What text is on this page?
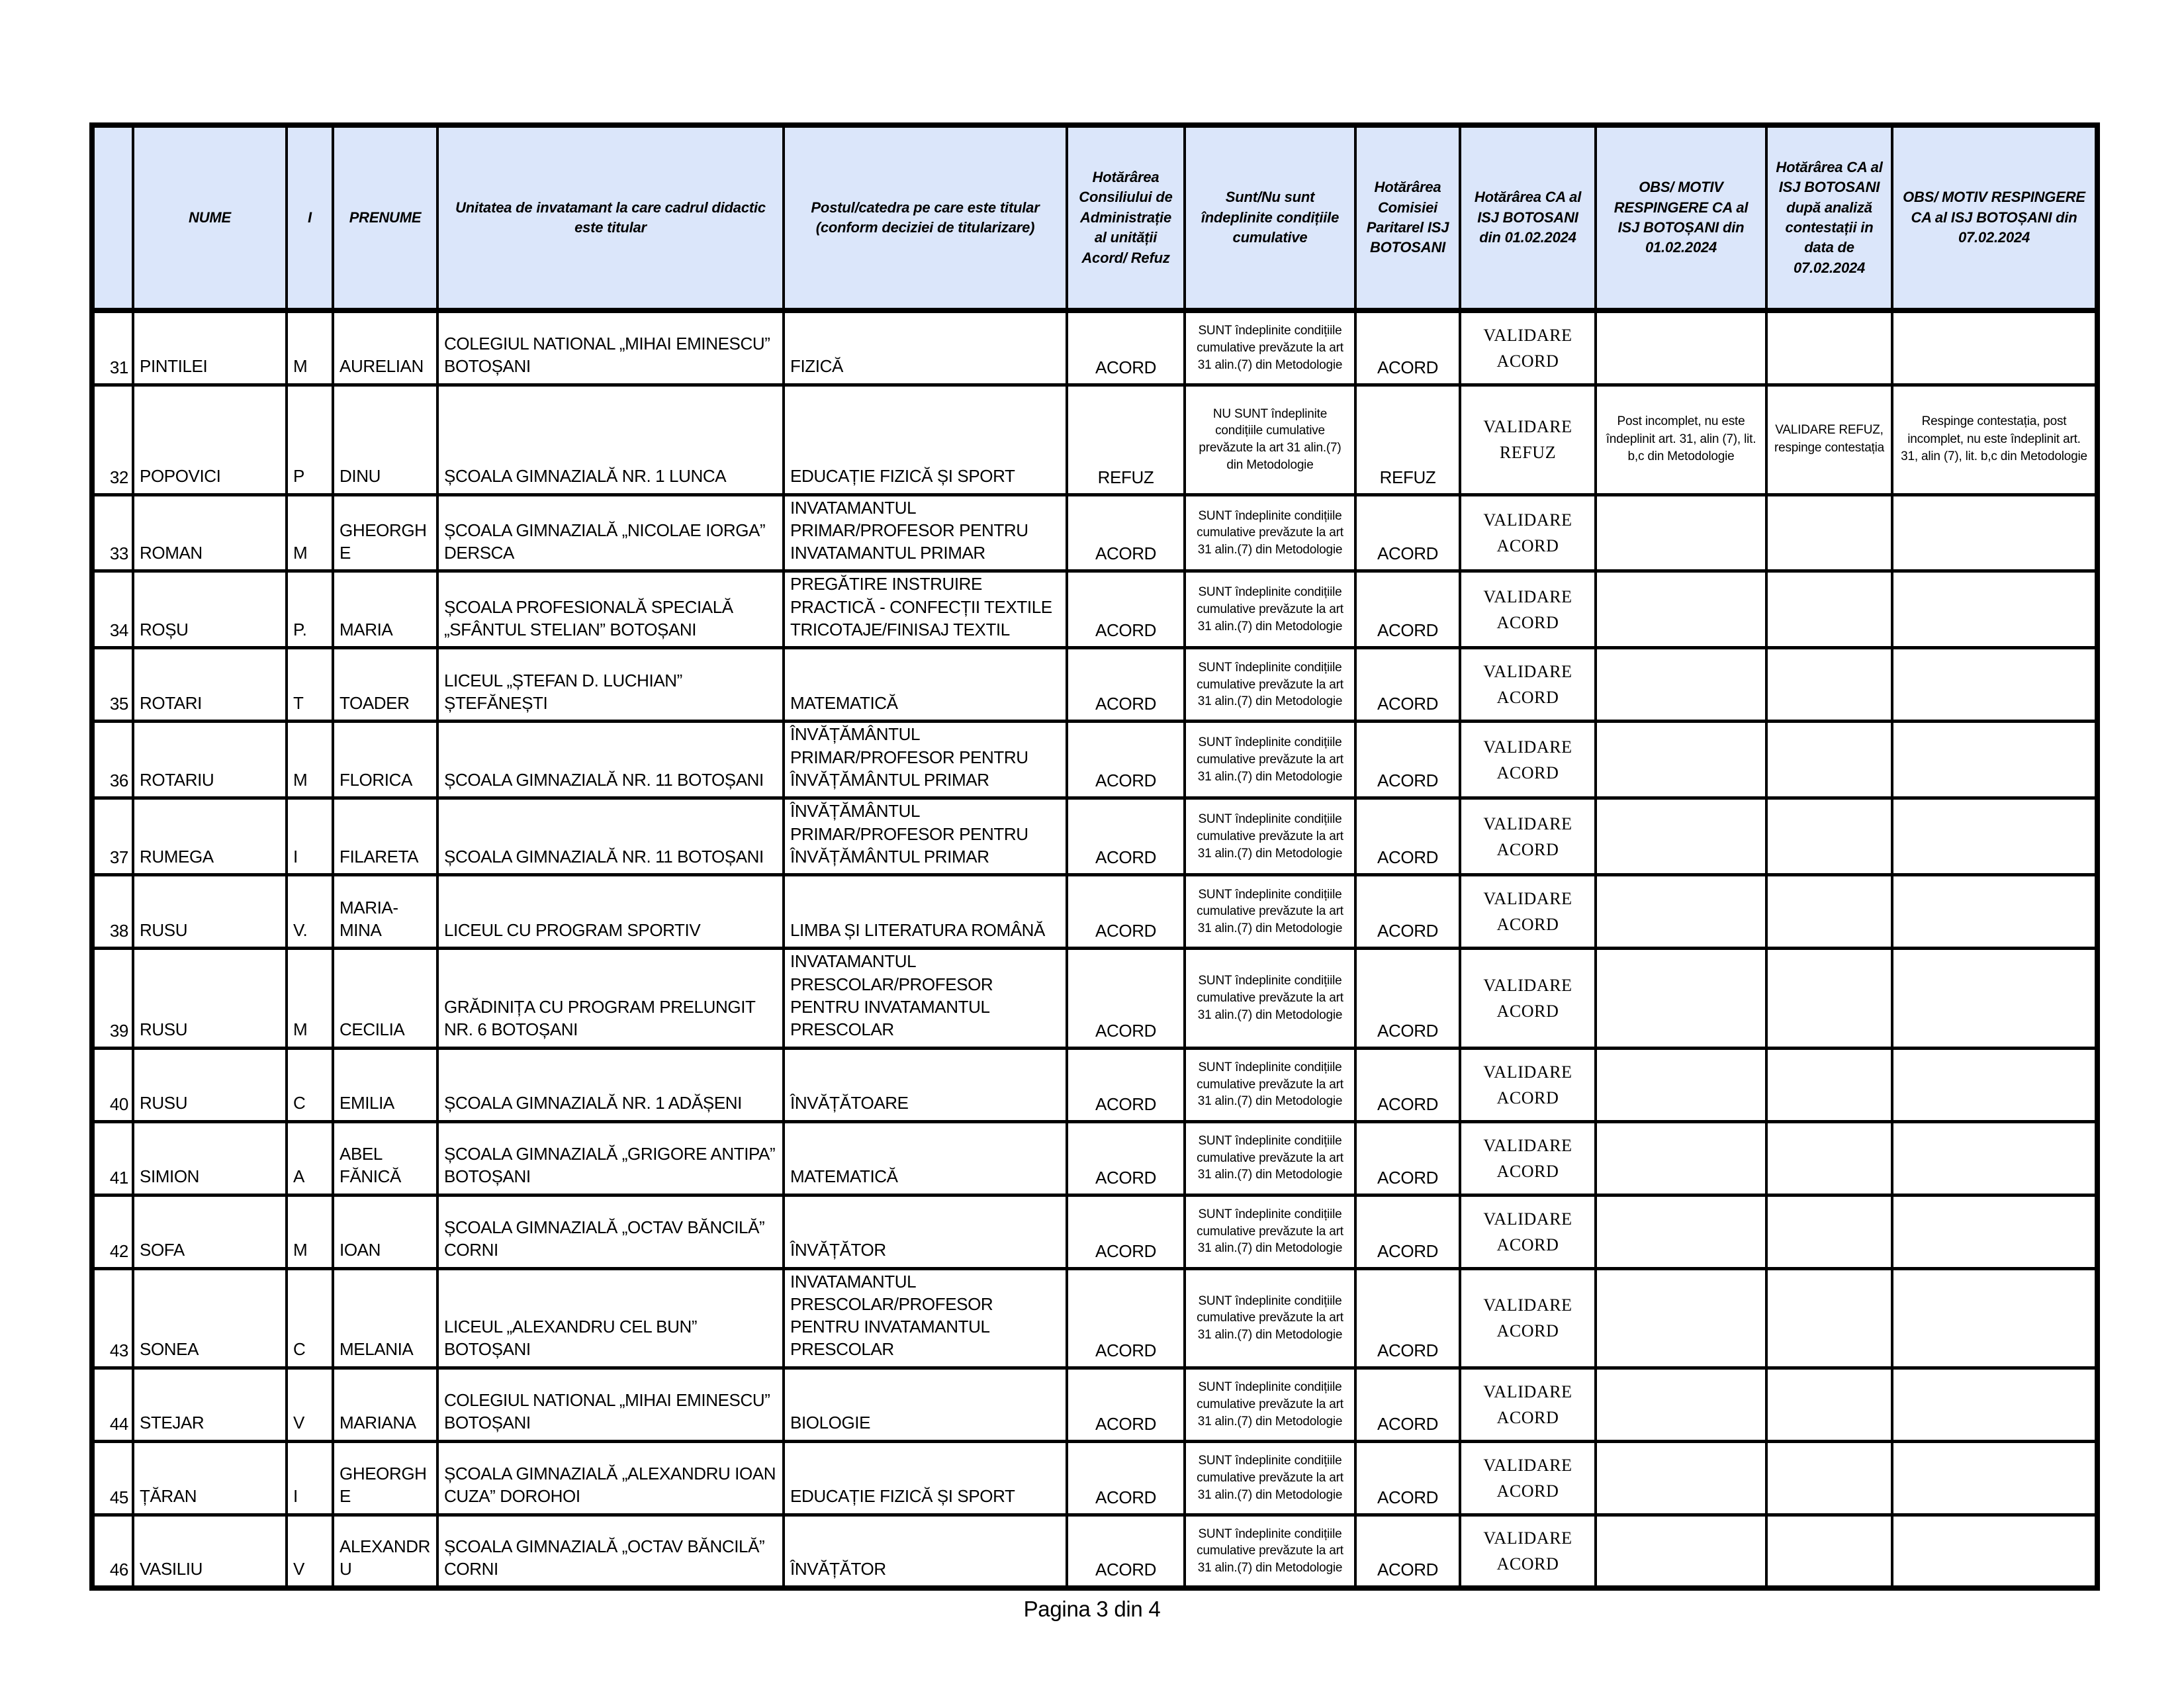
	NUME	I	PRENUME	Unitatea de invatamant la care cadrul didactic este titular	Postul/catedra pe care este titular (conform deciziei de titularizare)	Hotărârea Consiliului de Administrație al unității Acord/ Refuz	Sunt/Nu sunt îndeplinite condițiile cumulative	Hotărârea Comisiei Paritarel ISJ BOTOSANI	Hotărârea CA al ISJ BOTOSANI din 01.02.2024	OBS/ MOTIV RESPINGERE CA al ISJ BOTOȘANI din 01.02.2024	Hotărârea CA al ISJ BOTOSANI după analiză contestații in data de 07.02.2024	OBS/ MOTIV RESPINGERE CA al ISJ BOTOȘANI din 07.02.2024
31	PINTILEI	M	AURELIAN	COLEGIUL NATIONAL „MIHAI EMINESCU” BOTOȘANI	FIZICĂ	ACORD	SUNT îndeplinite condițiile cumulative prevăzute la art 31 alin.(7) din Metodologie	ACORD	VALIDARE ACORD			
32	POPOVICI	P	DINU	ȘCOALA GIMNAZIALĂ NR. 1 LUNCA	EDUCAȚIE FIZICĂ ȘI SPORT	REFUZ	NU SUNT îndeplinite condițiile cumulative prevăzute la art 31 alin.(7) din Metodologie	REFUZ	VALIDARE REFUZ	Post incomplet, nu este îndeplinit art. 31, alin (7), lit. b,c din Metodologie	VALIDARE REFUZ, respinge contestația	Respinge contestația, post incomplet, nu este îndeplinit art. 31, alin (7), lit. b,c din Metodologie
33	ROMAN	M	GHEORGHE	ȘCOALA GIMNAZIALĂ „NICOLAE IORGA” DERSCA	INVATAMANTUL PRIMAR/PROFESOR PENTRU INVATAMANTUL PRIMAR	ACORD	SUNT îndeplinite condițiile cumulative prevăzute la art 31 alin.(7) din Metodologie	ACORD	VALIDARE ACORD			
34	ROȘU	P.	MARIA	ȘCOALA PROFESIONALĂ SPECIALĂ „SFÂNTUL STELIAN” BOTOȘANI	PREGĂTIRE INSTRUIRE PRACTICĂ - CONFECȚII TEXTILE TRICOTAJE/FINISAJ TEXTIL	ACORD	SUNT îndeplinite condițiile cumulative prevăzute la art 31 alin.(7) din Metodologie	ACORD	VALIDARE ACORD			
35	ROTARI	T	TOADER	LICEUL „ȘTEFAN D. LUCHIAN” ȘTEFĂNEȘTI	MATEMATICĂ	ACORD	SUNT îndeplinite condițiile cumulative prevăzute la art 31 alin.(7) din Metodologie	ACORD	VALIDARE ACORD			
36	ROTARIU	M	FLORICA	ȘCOALA GIMNAZIALĂ NR. 11 BOTOȘANI	ÎNVĂȚĂMÂNTUL PRIMAR/PROFESOR PENTRU ÎNVĂȚĂMÂNTUL PRIMAR	ACORD	SUNT îndeplinite condițiile cumulative prevăzute la art 31 alin.(7) din Metodologie	ACORD	VALIDARE ACORD			
37	RUMEGA	I	FILARETA	ȘCOALA GIMNAZIALĂ NR. 11 BOTOȘANI	ÎNVĂȚĂMÂNTUL PRIMAR/PROFESOR PENTRU ÎNVĂȚĂMÂNTUL PRIMAR	ACORD	SUNT îndeplinite condițiile cumulative prevăzute la art 31 alin.(7) din Metodologie	ACORD	VALIDARE ACORD			
38	RUSU	V.	MARIA-MINA	LICEUL CU PROGRAM SPORTIV	LIMBA ȘI LITERATURA ROMÂNĂ	ACORD	SUNT îndeplinite condițiile cumulative prevăzute la art 31 alin.(7) din Metodologie	ACORD	VALIDARE ACORD			
39	RUSU	M	CECILIA	GRĂDINIȚA CU PROGRAM PRELUNGIT NR. 6 BOTOȘANI	INVATAMANTUL PRESCOLAR/PROFESOR PENTRU INVATAMANTUL PRESCOLAR	ACORD	SUNT îndeplinite condițiile cumulative prevăzute la art 31 alin.(7) din Metodologie	ACORD	VALIDARE ACORD			
40	RUSU	C	EMILIA	ȘCOALA GIMNAZIALĂ NR. 1 ADĂȘENI	ÎNVĂȚĂTOARE	ACORD	SUNT îndeplinite condițiile cumulative prevăzute la art 31 alin.(7) din Metodologie	ACORD	VALIDARE ACORD			
41	SIMION	A	ABEL FĂNICĂ	ȘCOALA GIMNAZIALĂ „GRIGORE ANTIPA” BOTOȘANI	MATEMATICĂ	ACORD	SUNT îndeplinite condițiile cumulative prevăzute la art 31 alin.(7) din Metodologie	ACORD	VALIDARE ACORD			
42	SOFA	M	IOAN	ȘCOALA GIMNAZIALĂ „OCTAV BĂNCILĂ” CORNI	ÎNVĂȚĂTOR	ACORD	SUNT îndeplinite condițiile cumulative prevăzute la art 31 alin.(7) din Metodologie	ACORD	VALIDARE ACORD			
43	SONEA	C	MELANIA	LICEUL „ALEXANDRU CEL BUN” BOTOȘANI	INVATAMANTUL PRESCOLAR/PROFESOR PENTRU INVATAMANTUL PRESCOLAR	ACORD	SUNT îndeplinite condițiile cumulative prevăzute la art 31 alin.(7) din Metodologie	ACORD	VALIDARE ACORD			
44	STEJAR	V	MARIANA	COLEGIUL NATIONAL „MIHAI EMINESCU” BOTOȘANI	BIOLOGIE	ACORD	SUNT îndeplinite condițiile cumulative prevăzute la art 31 alin.(7) din Metodologie	ACORD	VALIDARE ACORD			
45	ȚĂRAN	I	GHEORGHE	ȘCOALA GIMNAZIALĂ „ALEXANDRU IOAN CUZA” DOROHOI	EDUCAȚIE FIZICĂ ȘI SPORT	ACORD	SUNT îndeplinite condițiile cumulative prevăzute la art 31 alin.(7) din Metodologie	ACORD	VALIDARE ACORD			
46	VASILIU	V	ALEXANDRU	ȘCOALA GIMNAZIALĂ „OCTAV BĂNCILĂ” CORNI	ÎNVĂȚĂTOR	ACORD	SUNT îndeplinite condițiile cumulative prevăzute la art 31 alin.(7) din Metodologie	ACORD	VALIDARE ACORD			
Pagina 3 din 4
